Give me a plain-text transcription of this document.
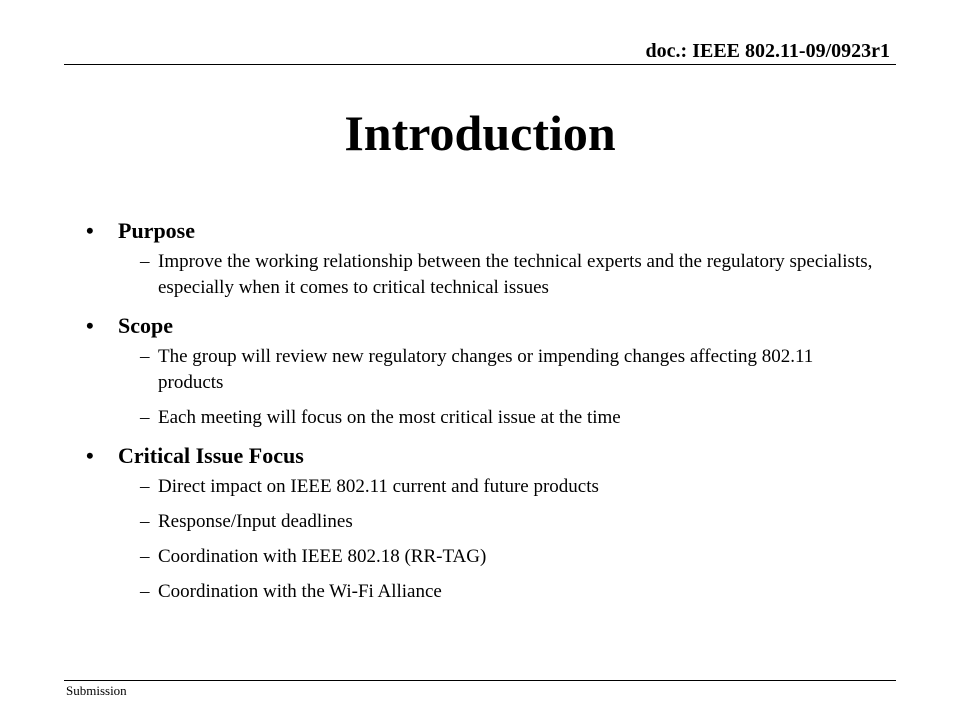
doc.: IEEE 802.11-09/0923r1
Introduction
• Purpose
– Improve the working relationship between the technical experts and the regulatory specialists, especially when it comes to critical technical issues
• Scope
– The group will review new regulatory changes or impending changes affecting 802.11 products
– Each meeting will focus on the most critical issue at the time
• Critical Issue Focus
– Direct impact on IEEE 802.11 current and future products
– Response/Input deadlines
– Coordination with IEEE 802.18 (RR-TAG)
– Coordination with the Wi-Fi Alliance
Submission
